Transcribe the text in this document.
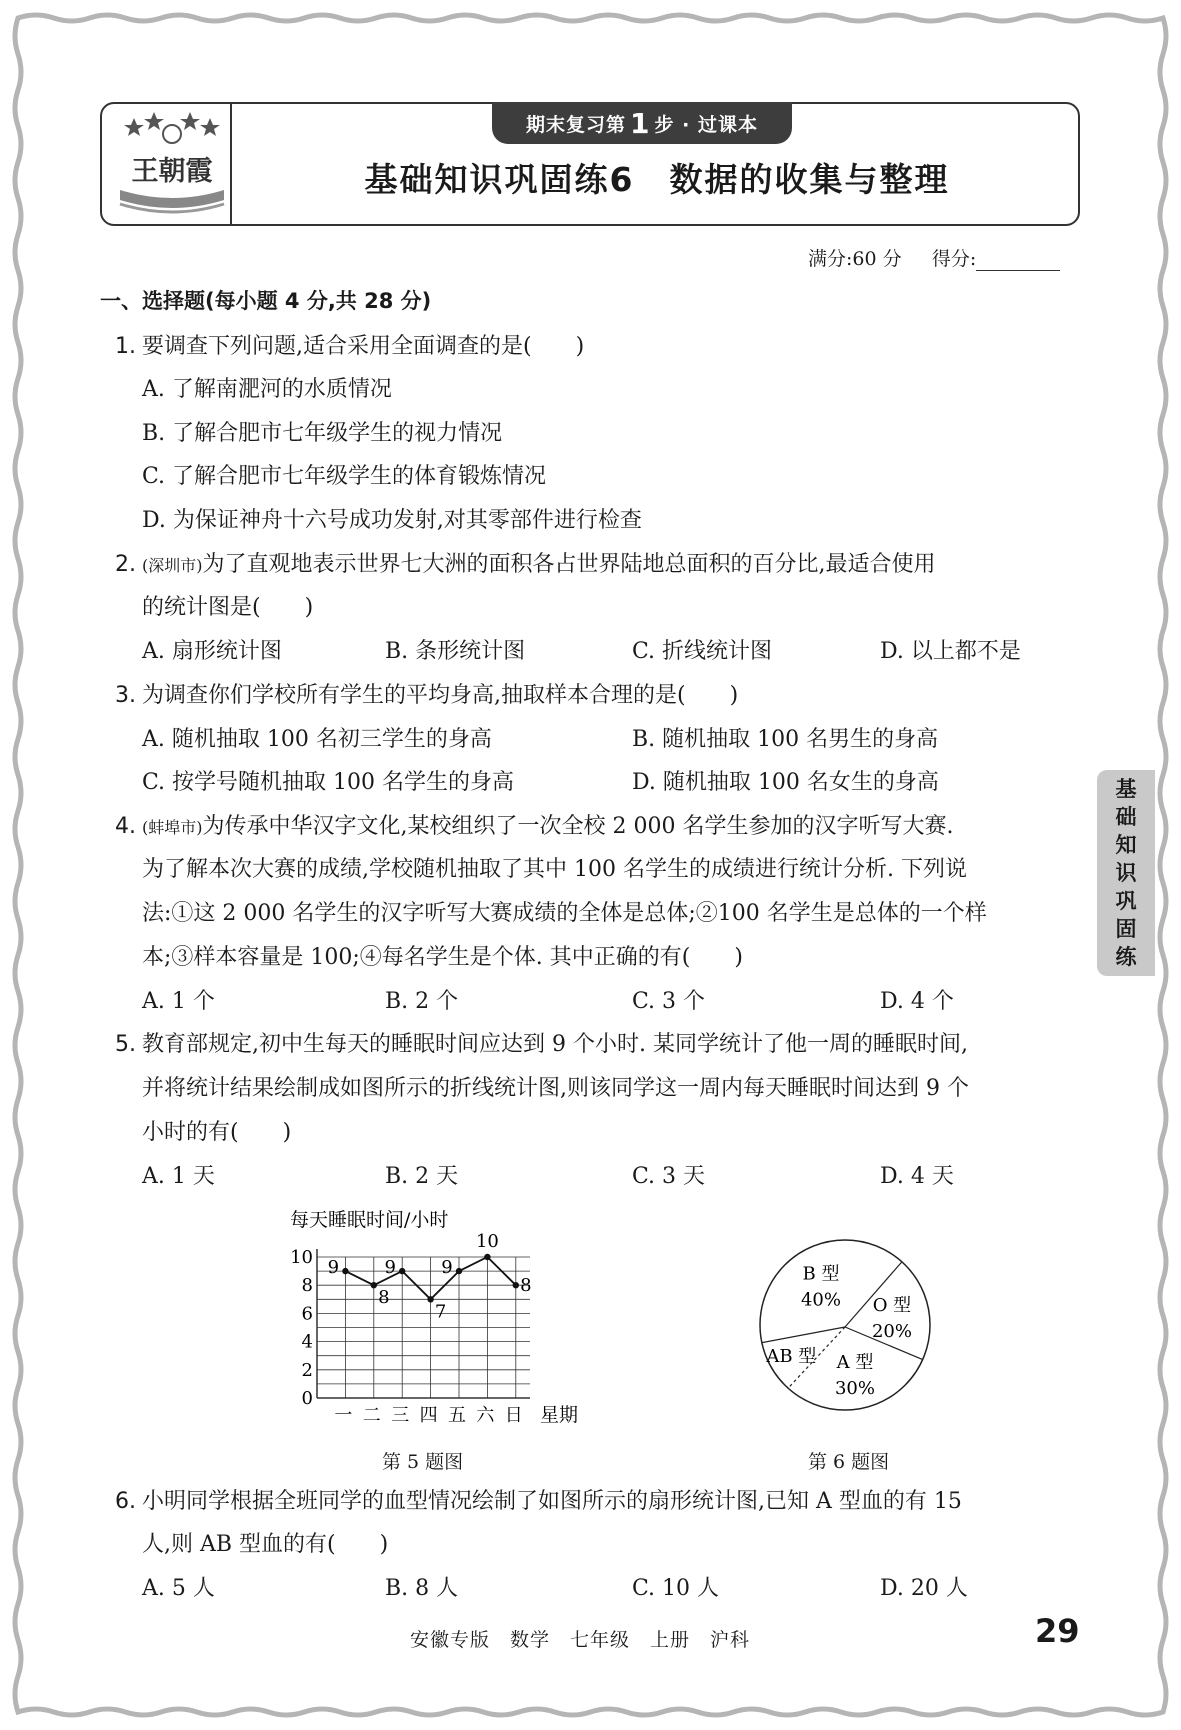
王朝霞
期末复习第 1 步 · 过课本
基础知识巩固练6　数据的收集与整理
满分:60 分 得分:
基
础
知
识
巩
固
练
一、选择题(每小题 4 分,共 28 分)
1. 要调查下列问题,适合采用全面调查的是(　　)
A. 了解南淝河的水质情况
B. 了解合肥市七年级学生的视力情况
C. 了解合肥市七年级学生的体育锻炼情况
D. 为保证神舟十六号成功发射,对其零部件进行检查
2. (深圳市)为了直观地表示世界七大洲的面积各占世界陆地总面积的百分比,最适合使用
的统计图是(　　)
A. 扇形统计图	B. 条形统计图	C. 折线统计图	D. 以上都不是
3. 为调查你们学校所有学生的平均身高,抽取样本合理的是(　　)
A. 随机抽取 100 名初三学生的身高	B. 随机抽取 100 名男生的身高
C. 按学号随机抽取 100 名学生的身高	D. 随机抽取 100 名女生的身高
4. (蚌埠市)为传承中华汉字文化,某校组织了一次全校 2 000 名学生参加的汉字听写大赛.
为了解本次大赛的成绩,学校随机抽取了其中 100 名学生的成绩进行统计分析. 下列说
法:①这 2 000 名学生的汉字听写大赛成绩的全体是总体;②100 名学生是总体的一个样
本;③样本容量是 100;④每名学生是个体. 其中正确的有(　　)
A. 1 个	B. 2 个	C. 3 个	D. 4 个
5. 教育部规定,初中生每天的睡眠时间应达到 9 个小时. 某同学统计了他一周的睡眠时间,
并将统计结果绘制成如图所示的折线统计图,则该同学这一周内每天睡眠时间达到 9 个
小时的有(　　)
A. 1 天	B. 2 天	C. 3 天	D. 4 天
每天睡眠时间/小时
0
2
4
6
8
10
一 二 三 四 五 六 日 星期
9
8
9
7
9
10
8
第 5 题图
B 型
40% O 型
20%
A 型
30%
AB 型
第 6 题图
6. 小明同学根据全班同学的血型情况绘制了如图所示的扇形统计图,已知 A 型血的有 15
人,则 AB 型血的有(　　)
A. 5 人	B. 8 人	C. 10 人	D. 20 人
安徽专版　数学　七年级　上册　沪科	29
